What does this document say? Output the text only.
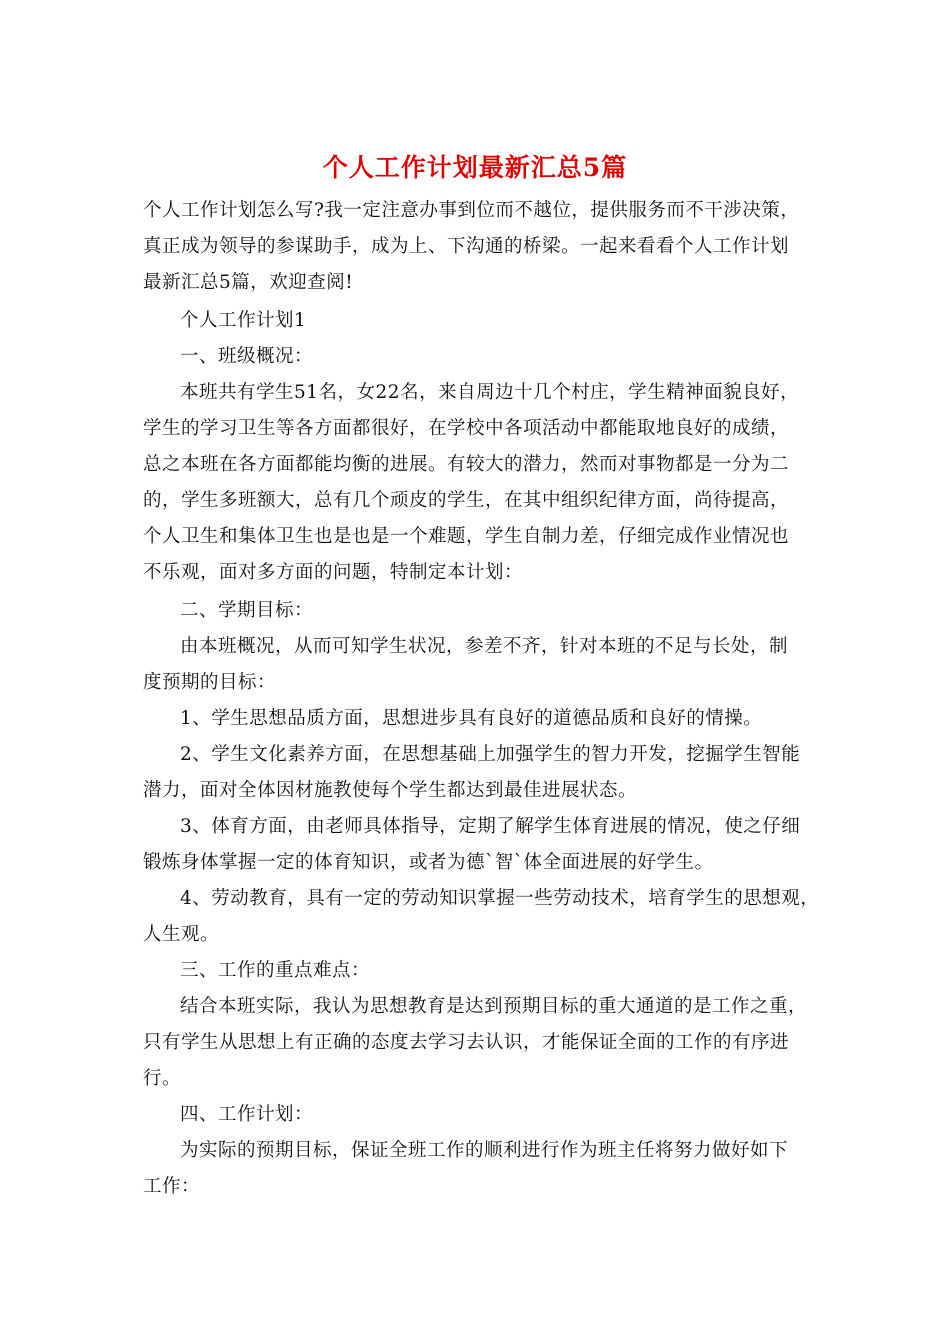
个人工作计划最新汇总5篇
个人工作计划怎么写?我一定注意办事到位而不越位，提供服务而不干涉决策，
真正成为领导的参谋助手，成为上、下沟通的桥梁。一起来看看个人工作计划
最新汇总5篇，欢迎查阅!
个人工作计划1
一、班级概况：
本班共有学生51名，女22名，来自周边十几个村庄，学生精神面貌良好，
学生的学习卫生等各方面都很好，在学校中各项活动中都能取地良好的成绩，
总之本班在各方面都能均衡的进展。有较大的潜力，然而对事物都是一分为二
的，学生多班额大，总有几个顽皮的学生，在其中组织纪律方面，尚待提高，
个人卫生和集体卫生也是也是一个难题，学生自制力差，仔细完成作业情况也
不乐观，面对多方面的问题，特制定本计划：
二、学期目标：
由本班概况，从而可知学生状况，参差不齐，针对本班的不足与长处，制
度预期的目标：
1、学生思想品质方面，思想进步具有良好的道德品质和良好的情操。
2、学生文化素养方面，在思想基础上加强学生的智力开发，挖掘学生智能
潜力，面对全体因材施教使每个学生都达到最佳进展状态。
3、体育方面，由老师具体指导，定期了解学生体育进展的情况，使之仔细
锻炼身体掌握一定的体育知识，或者为德`智`体全面进展的好学生。
4、劳动教育，具有一定的劳动知识掌握一些劳动技术，培育学生的思想观，
人生观。
三、工作的重点难点：
结合本班实际，我认为思想教育是达到预期目标的重大通道的是工作之重，
只有学生从思想上有正确的态度去学习去认识，才能保证全面的工作的有序进
行。
四、工作计划：
为实际的预期目标，保证全班工作的顺利进行作为班主任将努力做好如下
工作：
